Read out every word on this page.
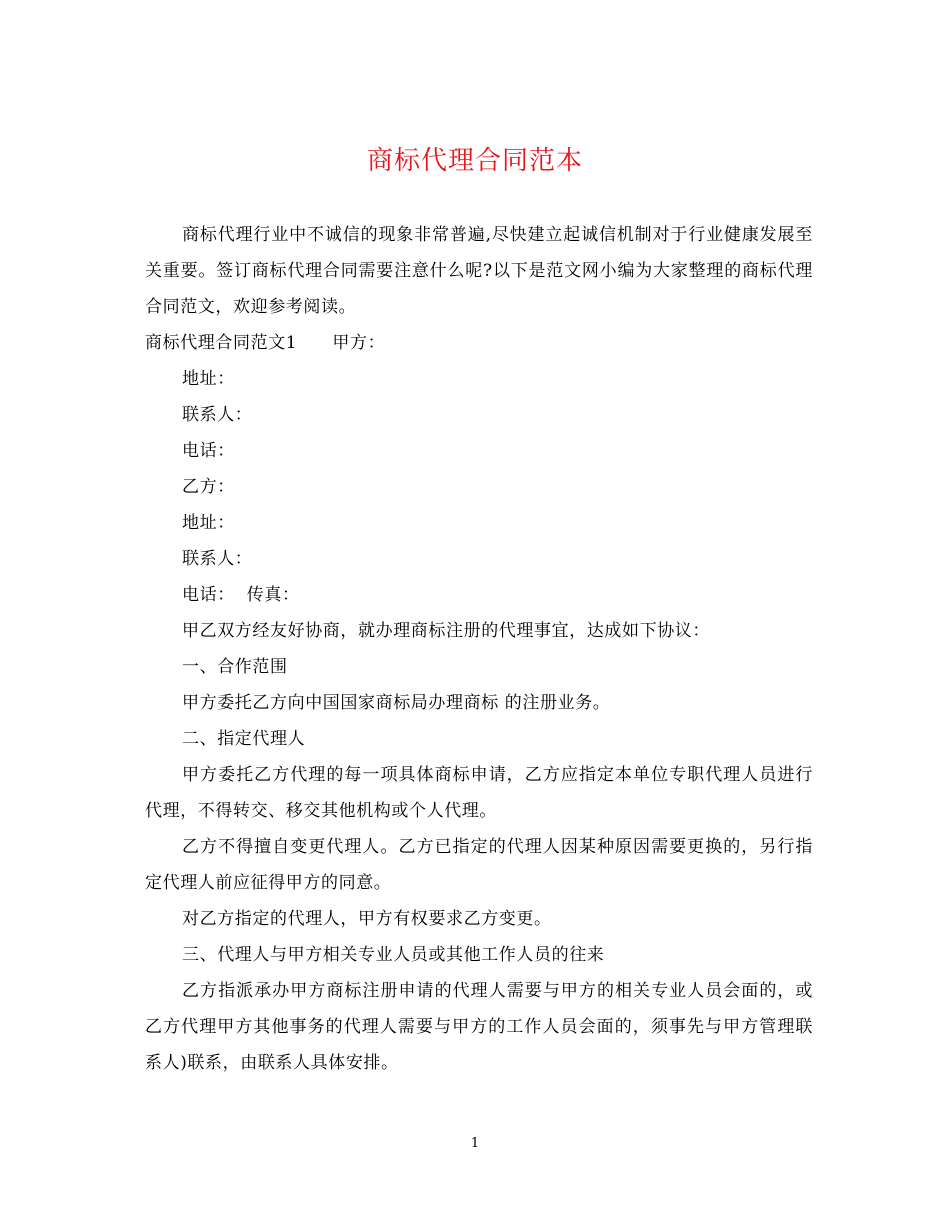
商标代理合同范本

商标代理行业中不诚信的现象非常普遍,尽快建立起诚信机制对于行业健康发展至关重要。签订商标代理合同需要注意什么呢?以下是范文网小编为大家整理的商标代理合同范文，欢迎参考阅读。

商标代理合同范文1　　甲方：

地址：

联系人：

电话：

乙方：

地址：

联系人：

电话：  传真：

甲乙双方经友好协商，就办理商标注册的代理事宜，达成如下协议：

一、合作范围

甲方委托乙方向中国国家商标局办理商标 的注册业务。

二、指定代理人

甲方委托乙方代理的每一项具体商标申请，乙方应指定本单位专职代理人员进行代理，不得转交、移交其他机构或个人代理。

乙方不得擅自变更代理人。乙方已指定的代理人因某种原因需要更换的，另行指定代理人前应征得甲方的同意。

对乙方指定的代理人，甲方有权要求乙方变更。

三、代理人与甲方相关专业人员或其他工作人员的往来

乙方指派承办甲方商标注册申请的代理人需要与甲方的相关专业人员会面的，或乙方代理甲方其他事务的代理人需要与甲方的工作人员会面的，须事先与甲方管理联系人)联系，由联系人具体安排。

1
